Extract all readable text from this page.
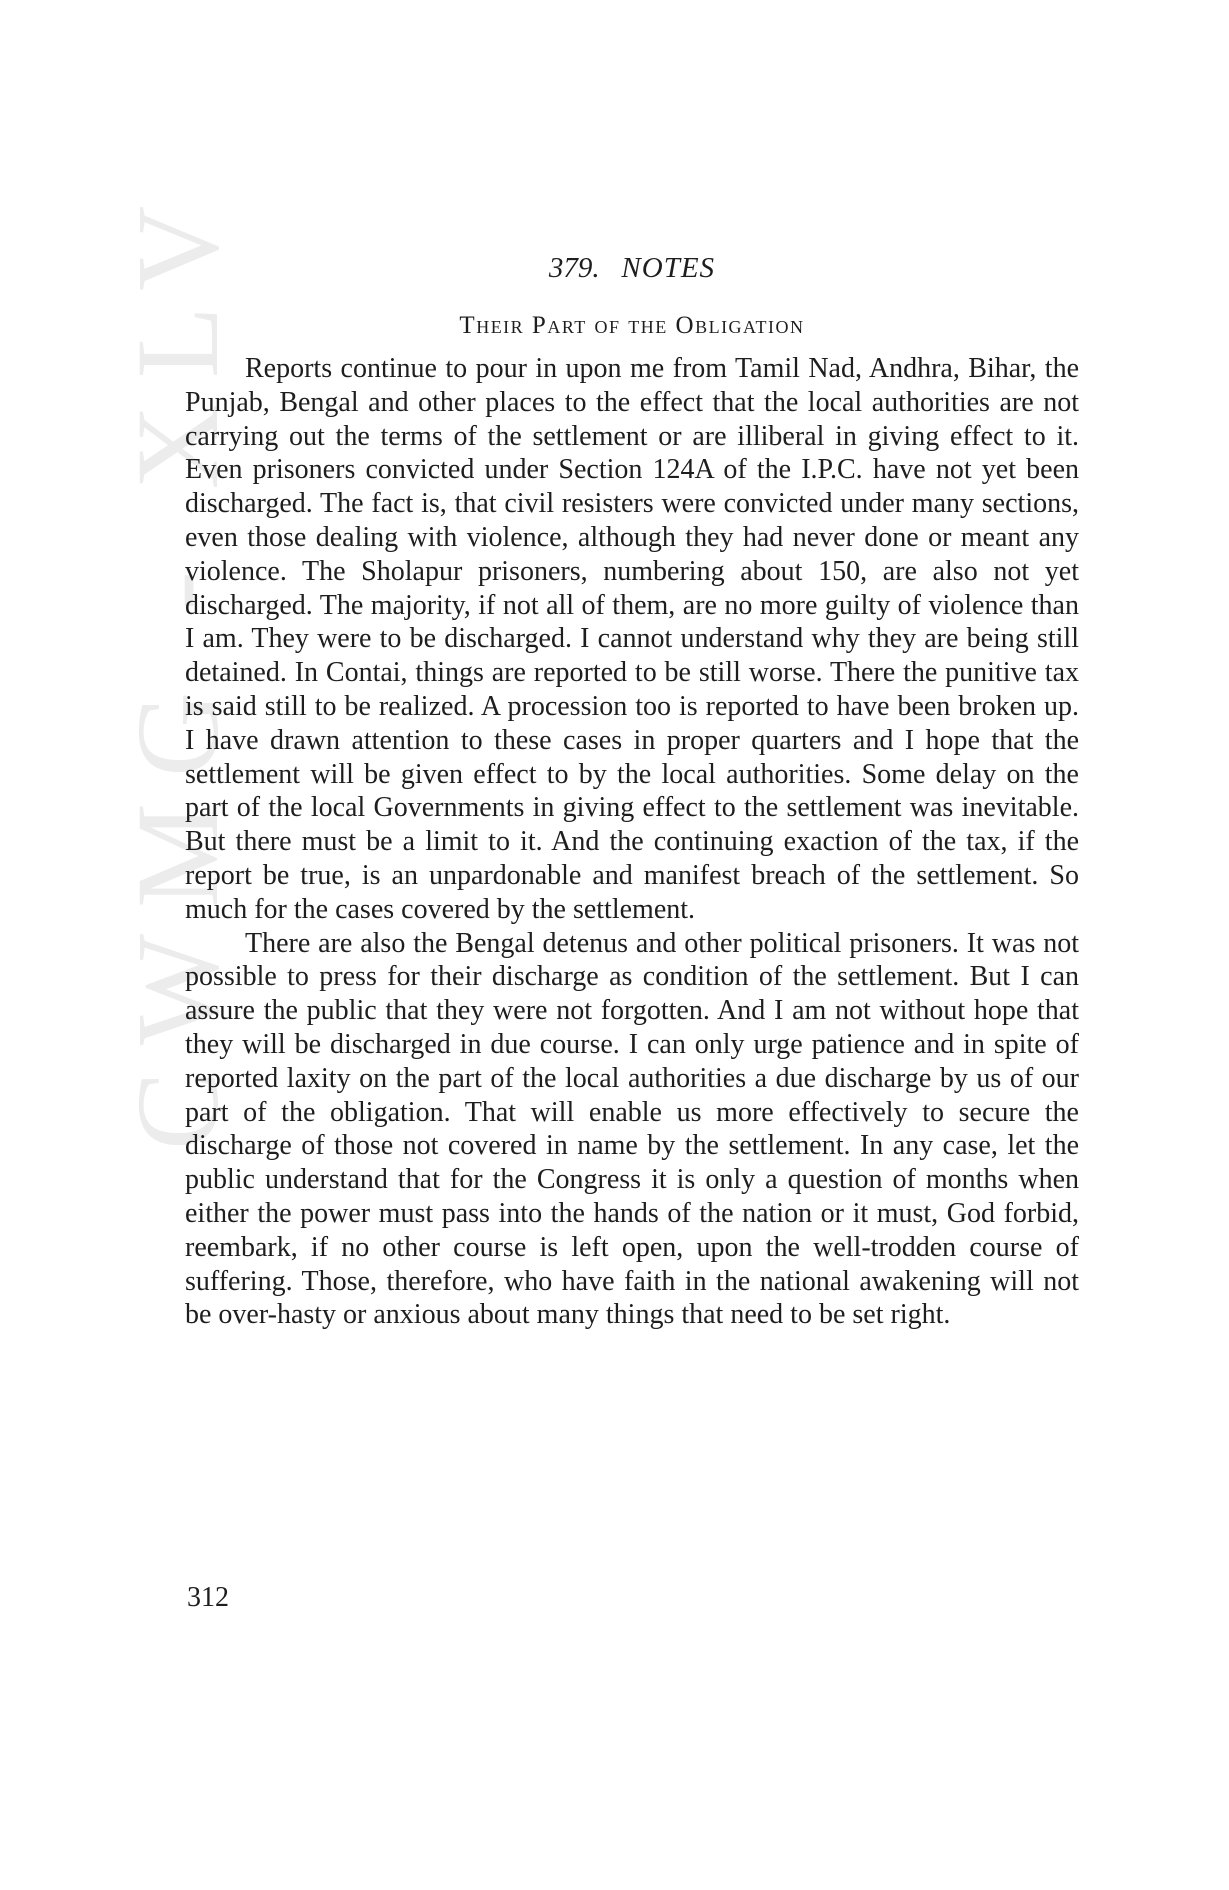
CWMG - XLV	379. NOTES
Their Part of the Obligation

Reports continue to pour in upon me from Tamil Nad, Andhra, Bihar, the Punjab, Bengal and other places to the effect that the local authorities are not carrying out the terms of the settlement or are illiberal in giving effect to it. Even prisoners convicted under Section 124A of the I.P.C. have not yet been discharged. The fact is, that civil resisters were convicted under many sections, even those dealing with violence, although they had never done or meant any violence. The Sholapur prisoners, numbering about 150, are also not yet discharged. The majority, if not all of them, are no more guilty of violence than I am. They were to be discharged. I cannot understand why they are being still detained. In Contai, things are reported to be still worse. There the punitive tax is said still to be realized. A procession too is reported to have been broken up. I have drawn attention to these cases in proper quarters and I hope that the settlement will be given effect to by the local authorities. Some delay on the part of the local Governments in giving effect to the settlement was inevitable. But there must be a limit to it. And the continuing exaction of the tax, if the report be true, is an unpardonable and manifest breach of the settlement. So much for the cases covered by the settlement.

There are also the Bengal detenus and other political prisoners. It was not possible to press for their discharge as condition of the settlement. But I can assure the public that they were not forgotten. And I am not without hope that they will be discharged in due course. I can only urge patience and in spite of reported laxity on the part of the local authorities a due discharge by us of our part of the obligation. That will enable us more effectively to secure the discharge of those not covered in name by the settlement. In any case, let the public understand that for the Congress it is only a question of months when either the power must pass into the hands of the nation or it must, God forbid, reembark, if no other course is left open, upon the well-trodden course of suffering. Those, therefore, who have faith in the national awakening will not be over-hasty or anxious about many things that need to be set right.

312
